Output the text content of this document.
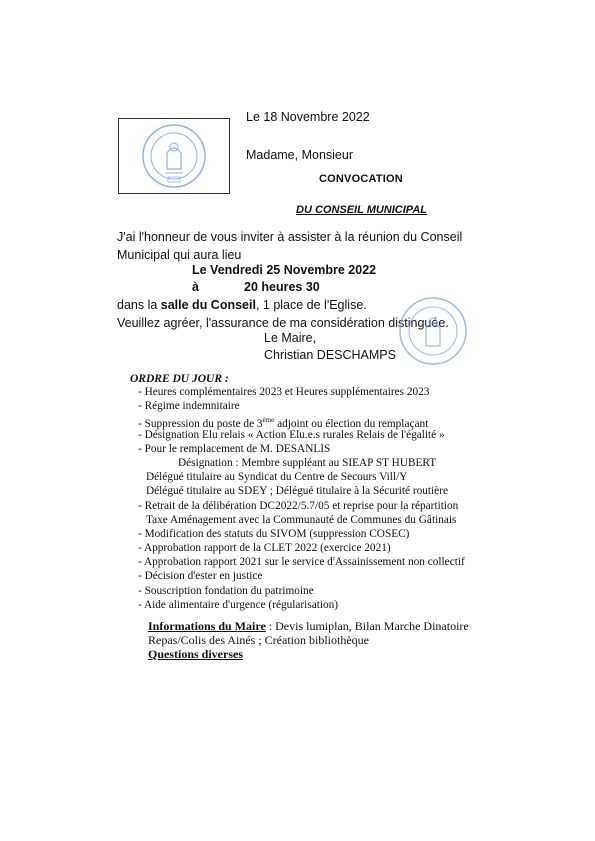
Le 18 Novembre 2022
Madame, Monsieur
CONVOCATION
DU CONSEIL MUNICIPAL
J'ai l'honneur de vous inviter à assister à la réunion du Conseil
Municipal qui aura lieu
Le Vendredi 25 Novembre 2022
à	20 heures 30
dans la salle du Conseil, 1 place de l'Eglise.
Veuillez agréer, l'assurance de ma considération distinguée.
Le Maire,
Christian DESCHAMPS
ORDRE DU JOUR :
- Heures complémentaires 2023 et Heures supplémentaires 2023
- Régime indemnitaire
- Suppression du poste de 3ème adjoint ou élection du remplaçant
- Désignation Elu relais « Action Elu.e.s rurales Relais de l'égalité »
- Pour le remplacement de M. DESANLIS
Désignation : Membre suppléant au SIEAP ST HUBERT
Délégué titulaire au Syndicat du Centre de Secours Vill/Y
Délégué titulaire au SDEY ; Délégué titulaire à la Sécurité routière
- Retrait de la délibération DC2022/5.7/05 et reprise pour la répartition
Taxe Aménagement avec la Communauté de Communes du Gâtinais
- Modification des statuts du SIVOM (suppression COSEC)
- Approbation rapport de la CLET 2022 (exercice 2021)
- Approbation rapport 2021 sur le service d'Assainissement non collectif
- Décision d'ester en justice
- Souscription fondation du patrimoine
- Aide alimentaire d'urgence (régularisation)
Informations du Maire : Devis lumiplan, Bilan Marche Dinatoire
Repas/Colis des Ainés ; Création bibliothèque
Questions diverses
